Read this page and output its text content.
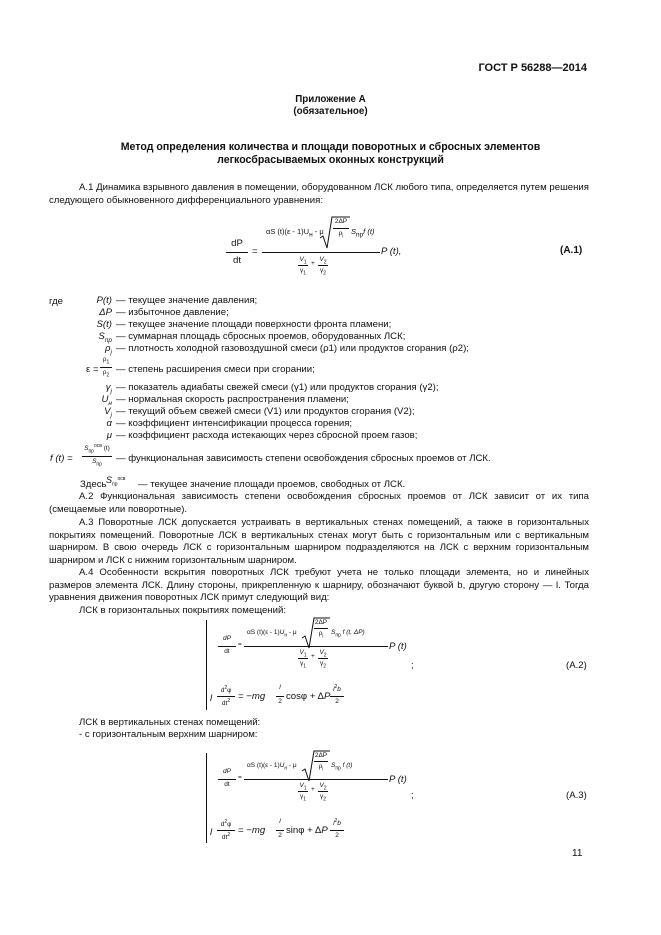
ГОСТ Р 56288—2014
Приложение А
(обязательное)
Метод определения количества и площади поворотных и сбросных элементов
легкосбрасываемых оконных конструкций
А.1 Динамика взрывного давления в помещении, оборудованном ЛСК любого типа, определяется путем решения следующего обыкновенного дифференциального уравнения:
dP
dt
=
αS $(t)(\varepsilon - 1)U_н$ - μ
2ΔP
$\rho_i$
$S_{пр}f$ (t)
$V_1$
$\gamma_1$
+
$V_2$
$\gamma_2$
P (t),	(А.1)
где	P(t) — текущее значение давления;
ΔP — избыточное давление;
S(t) — текущее значение площади поверхности фронта пламени;
$S_{пр}$ — суммарная площадь сбросных проемов, оборудованных ЛСК;
$\rho_j$ — плотность холодной газовоздушной смеси (ρ1) или продуктов сгорания (ρ2);
ε =
$\rho_1$
$\rho_2$
— степень расширения смеси при сгорании;
$\gamma_j$ — показатель адиабаты свежей смеси (γ1) или продуктов сгорания (γ2);
$U_н$ — нормальная скорость распространения пламени;
$V_j$ — текущий объем свежей смеси (V1) или продуктов сгорания (V2);
α — коэффициент интенсификации процесса горения;
μ — коэффициент расхода истекающих через сбросной проем газов;
f (t) =
$S_{пр}^{осв}$ (t)
$S_{пр}$
— функциональная зависимость степени освобождения сбросных проемов от ЛСК.
Здесь $S_{пр}^{осв}$
— текущее значение площади проемов, свободных от ЛСК.
А.2 Функциональная зависимость степени освобождения сбросных проемов от ЛСК зависит от их типа (смещаемые или поворотные).
А.3 Поворотные ЛСК допускается устраивать в вертикальных стенах помещений, а также в горизонтальных покрытиях помещений. Поворотные ЛСК в вертикальных стенах могут быть с горизонтальным или с вертикальным шарниром. В свою очередь ЛСК с горизонтальным шарниром подразделяются на ЛСК с верхним горизонтальным шарниром и ЛСК с нижним горизонтальным шарниром.
А.4 Особенности вскрытия поворотных ЛСК требуют учета не только площади элемента, но и линейных размеров элемента ЛСК. Длину стороны, прикрепленную к шарниру, обозначают буквой b, другую сторону — l. Тогда уравнения движения поворотных ЛСК примут следующий вид:
ЛСК в горизонтальных покрытиях помещений:
dP
dt
=
αS $(t)(\varepsilon - 1)U_н$ - μ
2ΔP
$\rho_i$
$S_{пр}$ f (t, ΔP)
$V_1$
$\gamma_1$
+
$V_2$
$\gamma_2$
P (t)
;	(А.2)
l
$d^2\varphi$
$dt^2 = -mg$
l
2 cosφ + ΔP
$l^2b$
2
ЛСК в вертикальных стенах помещений:
- с горизонтальным верхним шарниром:
dP
dt
=
αS $(t)(\varepsilon - 1)U_н$ - μ
2ΔP
$\rho_i$
$S_{пр}$ f (t)
$V_1$
$\gamma_1$
+
$V_2$
$\gamma_2$
P (t)
;	(А.3)
l
$d^2\varphi$
$dt^2 = -mg$
l
2 sinφ + ΔP
$l^2b$
2
11
